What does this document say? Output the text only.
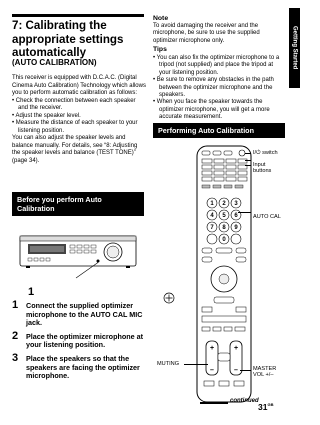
Getting Started
7: Calibrating the appropriate settings automatically
(AUTO CALIBRATION)

This receiver is equipped with D.C.A.C. (Digital Cinema Auto Calibration) Technology which allows you to perform automatic calibration as follows:

• Check the connection between each speaker and the receiver.
• Adjust the speaker level.
• Measure the distance of each speaker to your listening position.

You can also adjust the speaker levels and balance manually. For details, see “8: Adjusting the speaker levels and balance (TEST TONE)” (page 34).

Before you perform Auto Calibration
1
1 Connect the supplied optimizer microphone to the AUTO CAL MIC jack.
2 Place the optimizer microphone at your listening position.
3 Place the speakers so that the speakers are facing the optimizer microphone.
Note
To avoid damaging the receiver and the microphone, be sure to use the supplied optimizer microphone only.
Tips
• You can also fix the optimizer microphone to a tripod (not supplied) and place the tripod at your listening position.
• Be sure to remove any obstacles in the path between the optimizer microphone and the speakers.
• When you face the speaker towards the optimizer microphone, you will get a more accurate measurement.
Performing Auto Calibration
1 2 3
4 5 6
7 8 9
0
+
–
+
–
I/⏻ switch
Input buttons
AUTO CAL
MUTING
MASTER VOL +/–
continued
$31^{GB}$
